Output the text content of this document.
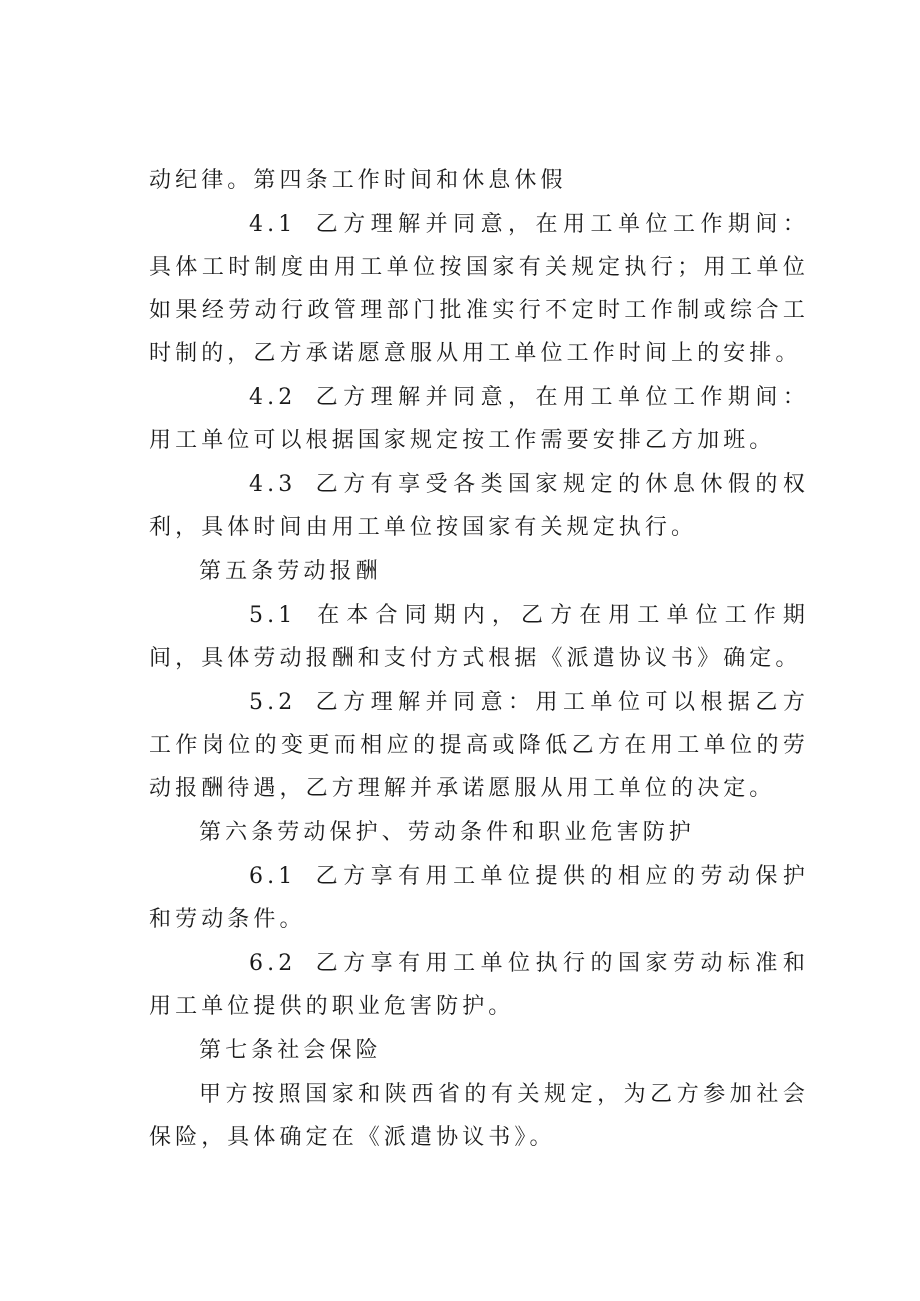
动纪律。第四条工作时间和休息休假

4.1 乙方理解并同意，在用工单位工作期间：具体工时制度由用工单位按国家有关规定执行；用工单位如果经劳动行政管理部门批准实行不定时工作制或综合工时制的，乙方承诺愿意服从用工单位工作时间上的安排。

4.2 乙方理解并同意，在用工单位工作期间：用工单位可以根据国家规定按工作需要安排乙方加班。

4.3 乙方有享受各类国家规定的休息休假的权利，具体时间由用工单位按国家有关规定执行。

第五条劳动报酬

5.1 在本合同期内，乙方在用工单位工作期间，具体劳动报酬和支付方式根据《派遣协议书》确定。

5.2 乙方理解并同意：用工单位可以根据乙方工作岗位的变更而相应的提高或降低乙方在用工单位的劳动报酬待遇，乙方理解并承诺愿服从用工单位的决定。

第六条劳动保护、劳动条件和职业危害防护

6.1 乙方享有用工单位提供的相应的劳动保护和劳动条件。

6.2 乙方享有用工单位执行的国家劳动标准和用工单位提供的职业危害防护。

第七条社会保险

甲方按照国家和陕西省的有关规定，为乙方参加社会保险，具体确定在《派遣协议书》。
